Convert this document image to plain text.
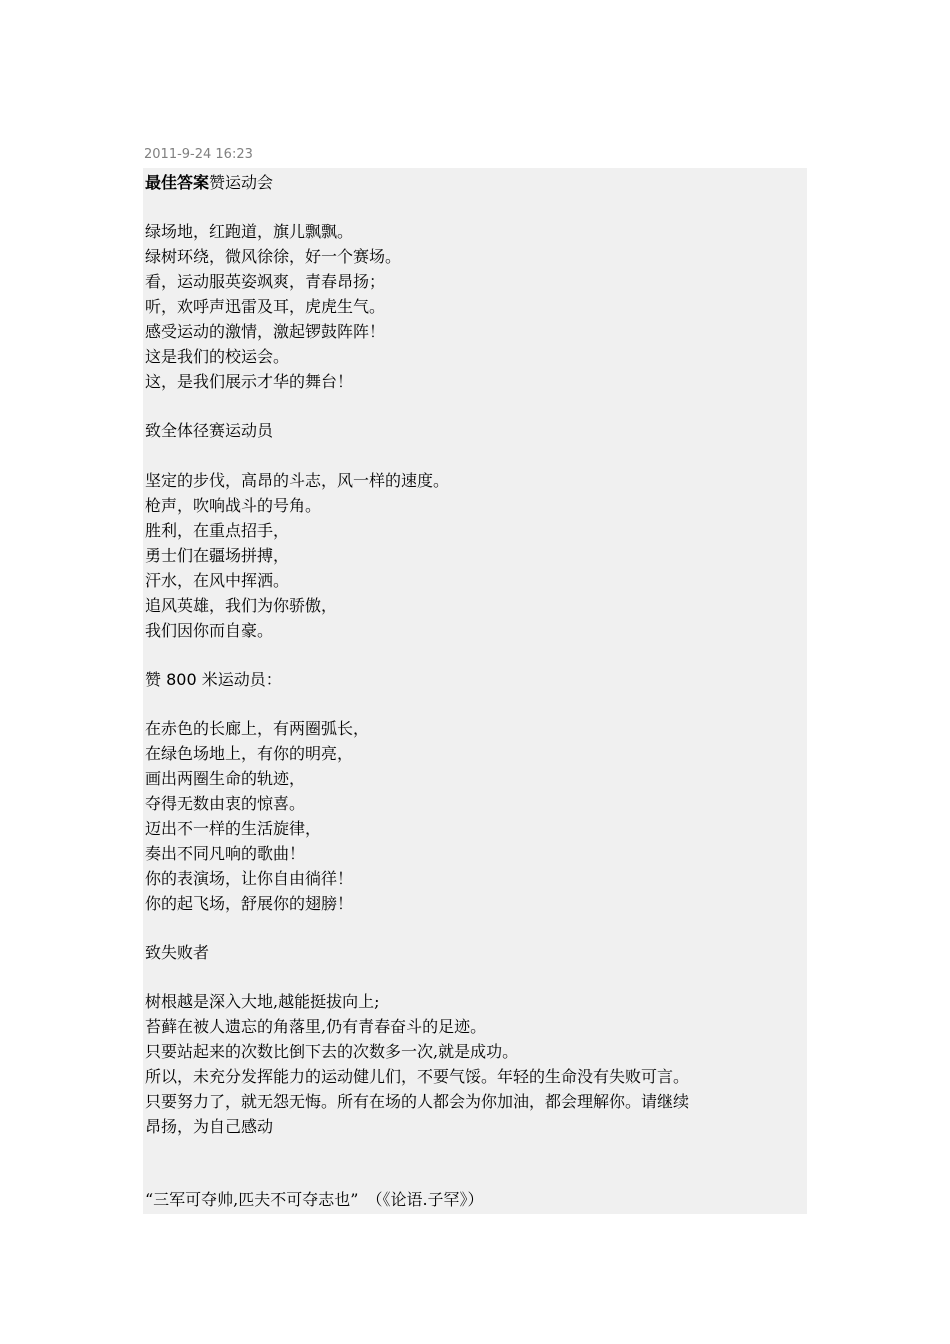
2011-9-24 16:23

最佳答案赞运动会

绿场地，红跑道，旗儿飘飘。

绿树环绕，微风徐徐，好一个赛场。

看，运动服英姿飒爽，青春昂扬；

听，欢呼声迅雷及耳，虎虎生气。

感受运动的激情，激起锣鼓阵阵！

这是我们的校运会。

这，是我们展示才华的舞台！

致全体径赛运动员

坚定的步伐，高昂的斗志，风一样的速度。

枪声，吹响战斗的号角。

胜利，在重点招手，

勇士们在疆场拼搏，

汗水，在风中挥洒。

追风英雄，我们为你骄傲，

我们因你而自豪。

赞 800 米运动员：

在赤色的长廊上，有两圈弧长，

在绿色场地上，有你的明亮，

画出两圈生命的轨迹，

夺得无数由衷的惊喜。

迈出不一样的生活旋律，

奏出不同凡响的歌曲！

你的表演场，让你自由徜徉！

你的起飞场，舒展你的翅膀！

致失败者

树根越是深入大地,越能挺拔向上;

苔藓在被人遗忘的角落里,仍有青春奋斗的足迹。

只要站起来的次数比倒下去的次数多一次,就是成功。

所以，未充分发挥能力的运动健儿们，不要气馁。年轻的生命没有失败可言。

只要努力了，就无怨无悔。所有在场的人都会为你加油，都会理解你。请继续

昂扬，为自己感动

“三军可夺帅,匹夫不可夺志也”　（《论语.子罕》）
